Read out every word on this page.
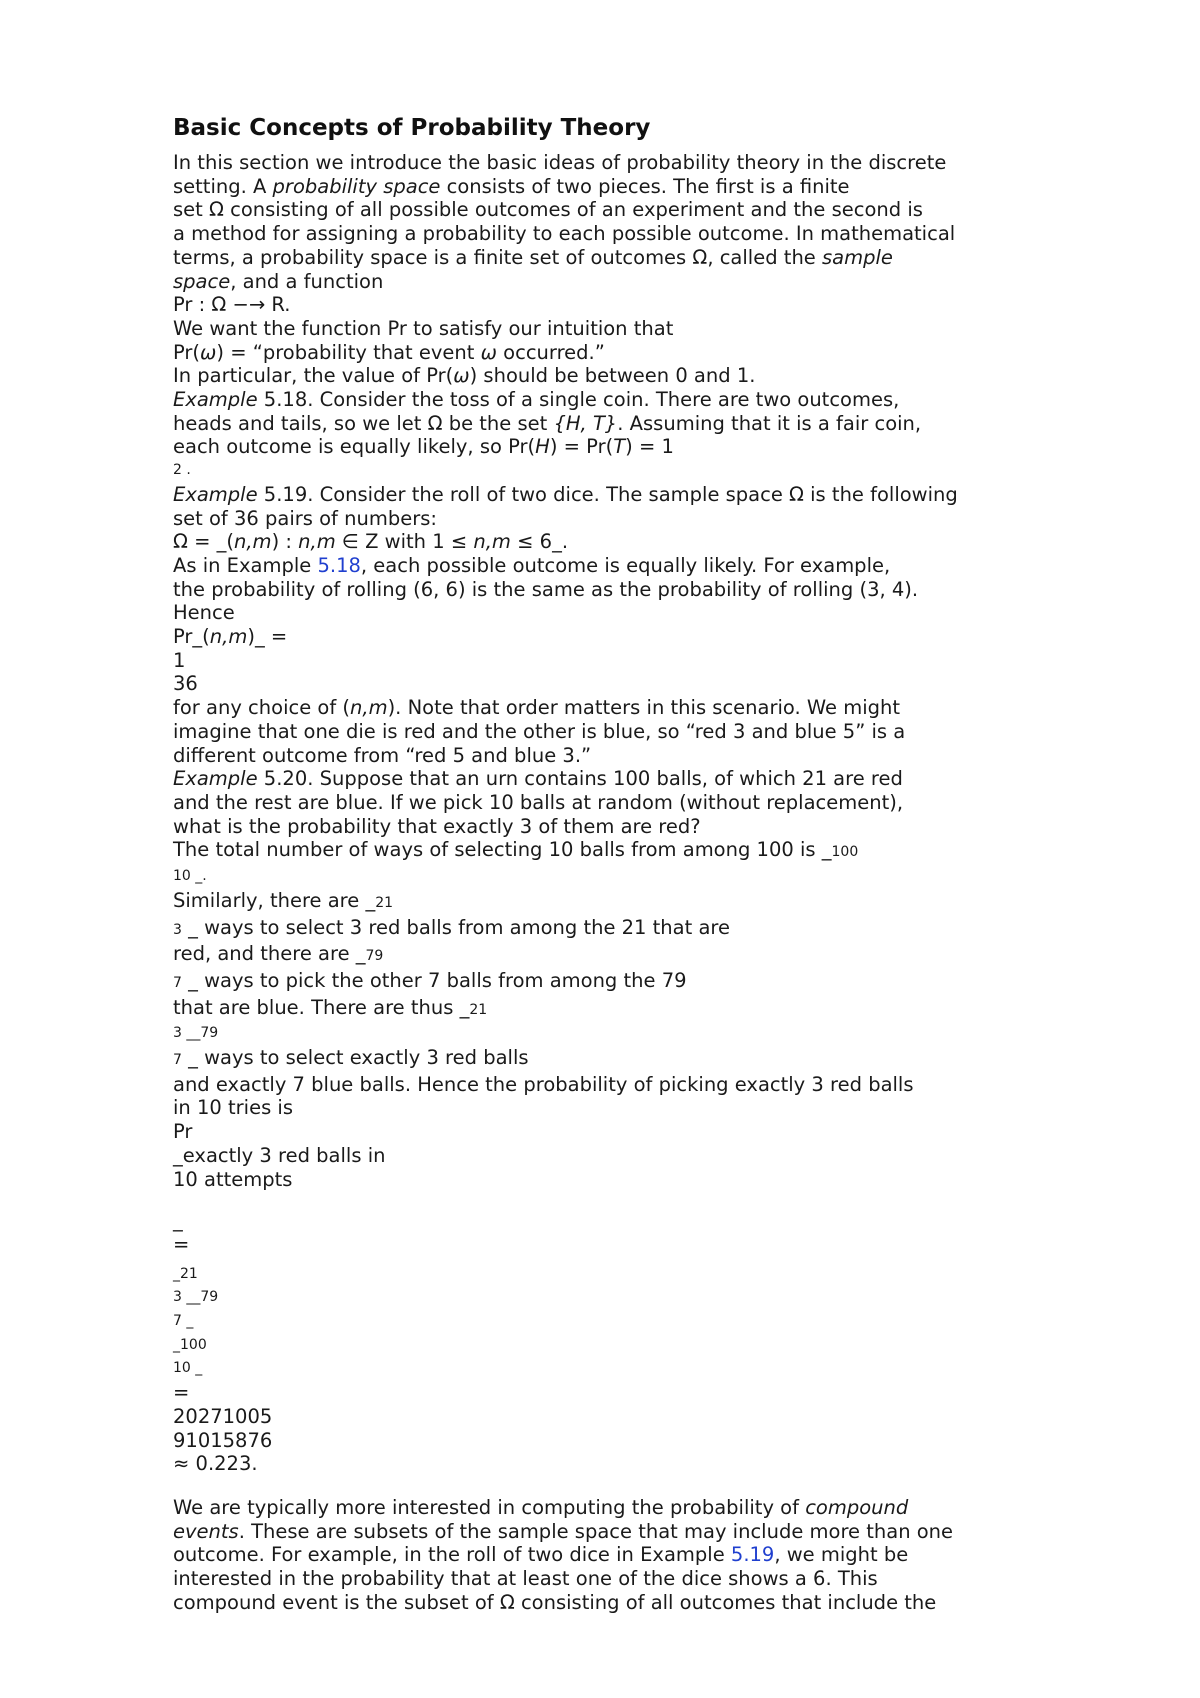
Basic Concepts of Probability Theory
In this section we introduce the basic ideas of probability theory in the discrete
setting. A probability space consists of two pieces. The first is a finite
set Ω consisting of all possible outcomes of an experiment and the second is
a method for assigning a probability to each possible outcome. In mathematical
terms, a probability space is a finite set of outcomes Ω, called the sample
space, and a function
Pr : Ω −→ R.
We want the function Pr to satisfy our intuition that
Pr(ω) = “probability that event ω occurred.”
In particular, the value of Pr(ω) should be between 0 and 1.
Example 5.18. Consider the toss of a single coin. There are two outcomes,
heads and tails, so we let Ω be the set {H, T}. Assuming that it is a fair coin,
each outcome is equally likely, so Pr(H) = Pr(T) = 1
2 .
Example 5.19. Consider the roll of two dice. The sample space Ω is the following
set of 36 pairs of numbers:
Ω = _(n,m) : n,m ∈ Z with 1 ≤ n,m ≤ 6_.
As in Example 5.18, each possible outcome is equally likely. For example,
the probability of rolling (6, 6) is the same as the probability of rolling (3, 4).
Hence
Pr_(n,m)_ =
1
36
for any choice of (n,m). Note that order matters in this scenario. We might
imagine that one die is red and the other is blue, so “red 3 and blue 5” is a
different outcome from “red 5 and blue 3.”
Example 5.20. Suppose that an urn contains 100 balls, of which 21 are red
and the rest are blue. If we pick 10 balls at random (without replacement),
what is the probability that exactly 3 of them are red?
The total number of ways of selecting 10 balls from among 100 is _100
10 _.
Similarly, there are _21
3 _ ways to select 3 red balls from among the 21 that are
red, and there are _79
7 _ ways to pick the other 7 balls from among the 79
that are blue. There are thus _21
3 __79
7 _ ways to select exactly 3 red balls
and exactly 7 blue balls. Hence the probability of picking exactly 3 red balls
in 10 tries is
Pr
_exactly 3 red balls in
10 attempts
_
=
_21
3 __79
7 _
_100
10 _
=
20271005
91015876
≈ 0.223.
We are typically more interested in computing the probability of compound
events. These are subsets of the sample space that may include more than one
outcome. For example, in the roll of two dice in Example 5.19, we might be
interested in the probability that at least one of the dice shows a 6. This
compound event is the subset of Ω consisting of all outcomes that include the
